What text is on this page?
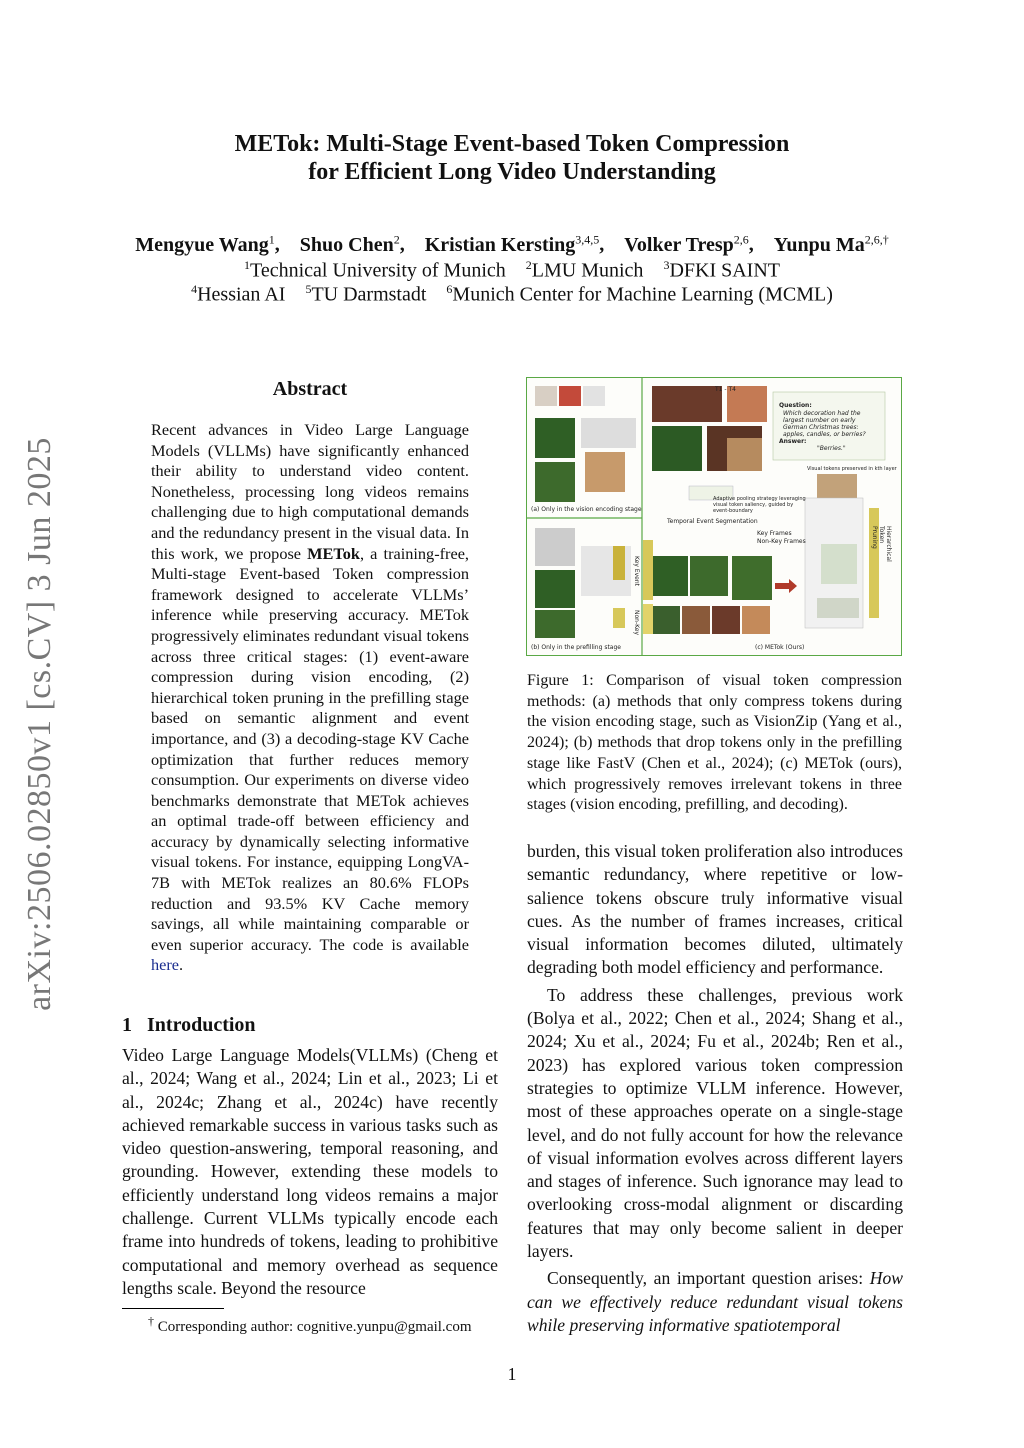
METok: Multi-Stage Event-based Token Compression
for Efficient Long Video Understanding
Mengyue Wang$^1$, Shuo Chen$^2$, Kristian Kersting$^{3,4,5}$, Volker Tresp$^{2,6}$, Yunpu $Ma^{2,6,\dagger}$
$^1$Technical University of Munich  $^2$LMU Munich  $^3$DFKI SAINT
$^4$Hessian AI  $^5$TU Darmstadt  $^6$Munich Center for Machine Learning (MCML)
arXiv:2506.02850v1 [cs.CV] 3 Jun 2025
Abstract
Recent advances in Video Large Language Models (VLLMs) have significantly enhanced their ability to understand video content. Nonetheless, processing long videos remains challenging due to high computational demands and the redundancy present in the visual data. In this work, we propose METok, a training-free, Multi-stage Event-based Token compression framework designed to accelerate VLLMs’ inference while preserving accuracy. METok progressively eliminates redundant visual tokens across three critical stages: (1) event-aware compression during vision encoding, (2) hierarchical token pruning in the prefilling stage based on semantic alignment and event importance, and (3) a decoding-stage KV Cache optimization that further reduces memory consumption. Our experiments on diverse video benchmarks demonstrate that METok achieves an optimal trade-off between efficiency and accuracy by dynamically selecting informative visual tokens. For instance, equipping LongVA-7B with METok realizes an 80.6% FLOPs reduction and 93.5% KV Cache memory savings, all while maintaining comparable or even superior accuracy. The code is available here.
1 Introduction
Video Large Language Models(VLLMs) (Cheng et al., 2024; Wang et al., 2024; Lin et al., 2023; Li et al., 2024c; Zhang et al., 2024c) have recently achieved remarkable success in various tasks such as video question-answering, temporal reasoning, and grounding. However, extending these models to efficiently understand long videos remains a major challenge. Current VLLMs typically encode each frame into hundreds of tokens, leading to prohibitive computational and memory overhead as sequence lengths scale. Beyond the resource
† Corresponding author: cognitive.yunpu@gmail.com
(a) Only in the vision encoding stage
(b) Only in the prefilling stage	(c) METok (Ours)
Question:
Which decoration had the largest number on early German Christmas trees: apples, candles, or berries?
Answer:
"Berries."
Visual tokens preserved in kth layer
T1 - T4
Temporal Event Segmentation
Adaptive pooling strategy leveraging visual token saliency, guided by event-boundary
Key Frames
Non-Key Frames
Key Event
Non-Key
Hierarchical Token Pruning
Figure 1: Comparison of visual token compression methods: (a) methods that only compress tokens during the vision encoding stage, such as VisionZip (Yang et al., 2024); (b) methods that drop tokens only in the prefilling stage like FastV (Chen et al., 2024); (c) METok (ours), which progressively removes irrelevant tokens in three stages (vision encoding, prefilling, and decoding).

burden, this visual token proliferation also introduces semantic redundancy, where repetitive or low-salience tokens obscure truly informative visual cues. As the number of frames increases, critical visual information becomes diluted, ultimately degrading both model efficiency and performance.

To address these challenges, previous work (Bolya et al., 2022; Chen et al., 2024; Shang et al., 2024; Xu et al., 2024; Fu et al., 2024b; Ren et al., 2023) has explored various token compression strategies to optimize VLLM inference. However, most of these approaches operate on a single-stage level, and do not fully account for how the relevance of visual information evolves across different layers and stages of inference. Such ignorance may lead to overlooking cross-modal alignment or discarding features that may only become salient in deeper layers.

Consequently, an important question arises: How can we effectively reduce redundant visual tokens while preserving informative spatiotemporal

1
